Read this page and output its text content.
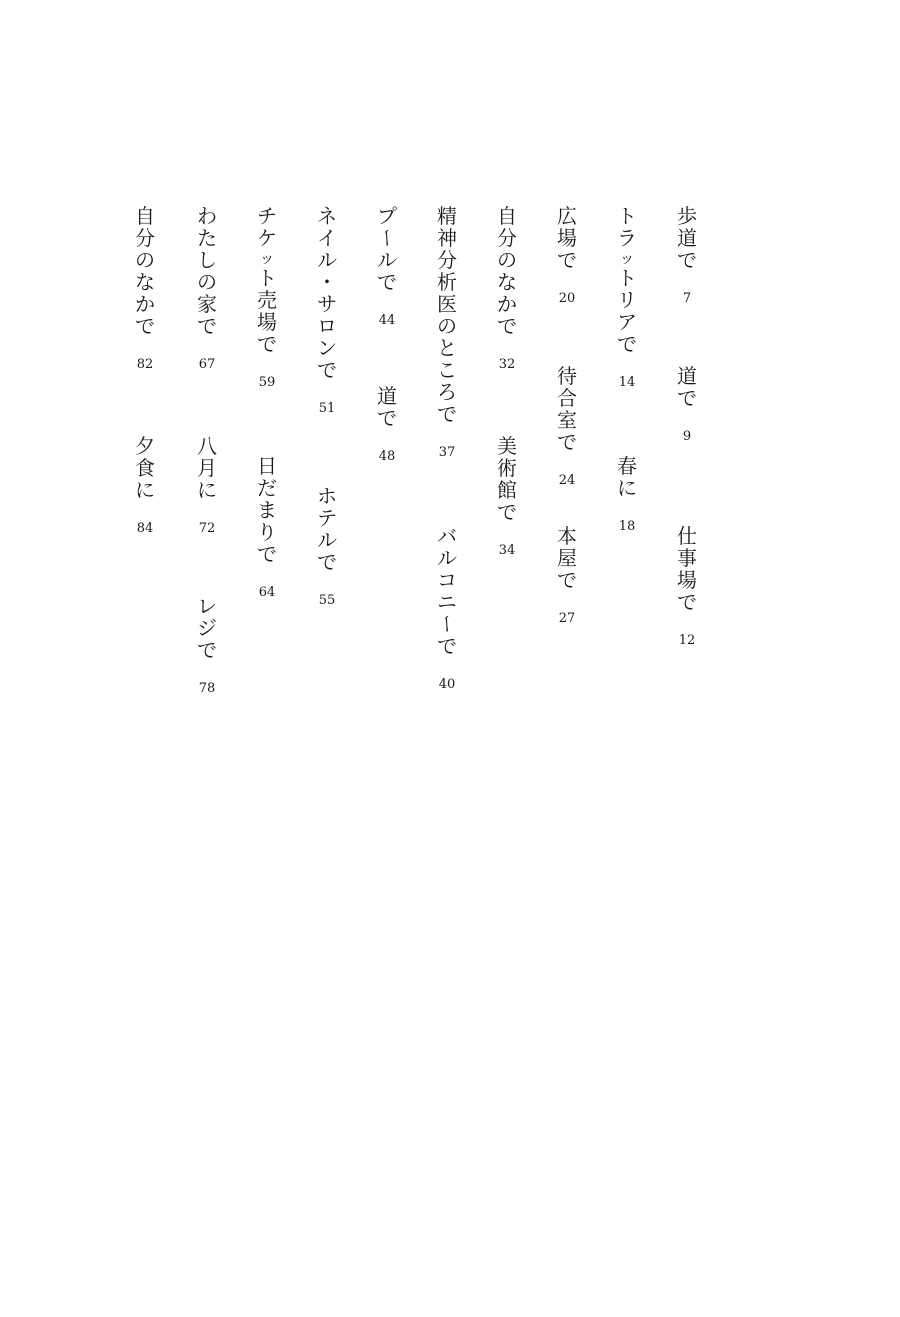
歩
道
で
7
道
で
9
仕
事
場
で
12
ト
ラ
ッ
ト
リ
ア
で
14
春
に
18
広
場
で
20
待
合
室
で
24
本
屋
で
27
自
分
の
な
か
で
32
美
術
館
で
34
精
神
分
析
医
の
と
こ
ろ
で
37
バ
ル
コ
ニ
ー
で
40
プ
ー
ル
で
44
道
で
48
ネ
イ
ル
・
サ
ロ
ン
で
51
ホ
テ
ル
で
55
チ
ケ
ッ
ト
売
場
で
59
日
だ
ま
り
で
64
わ
た
し
の
家
で
67
八
月
に
72
レ
ジ
で
78
自
分
の
な
か
で
82
夕
食
に
84
